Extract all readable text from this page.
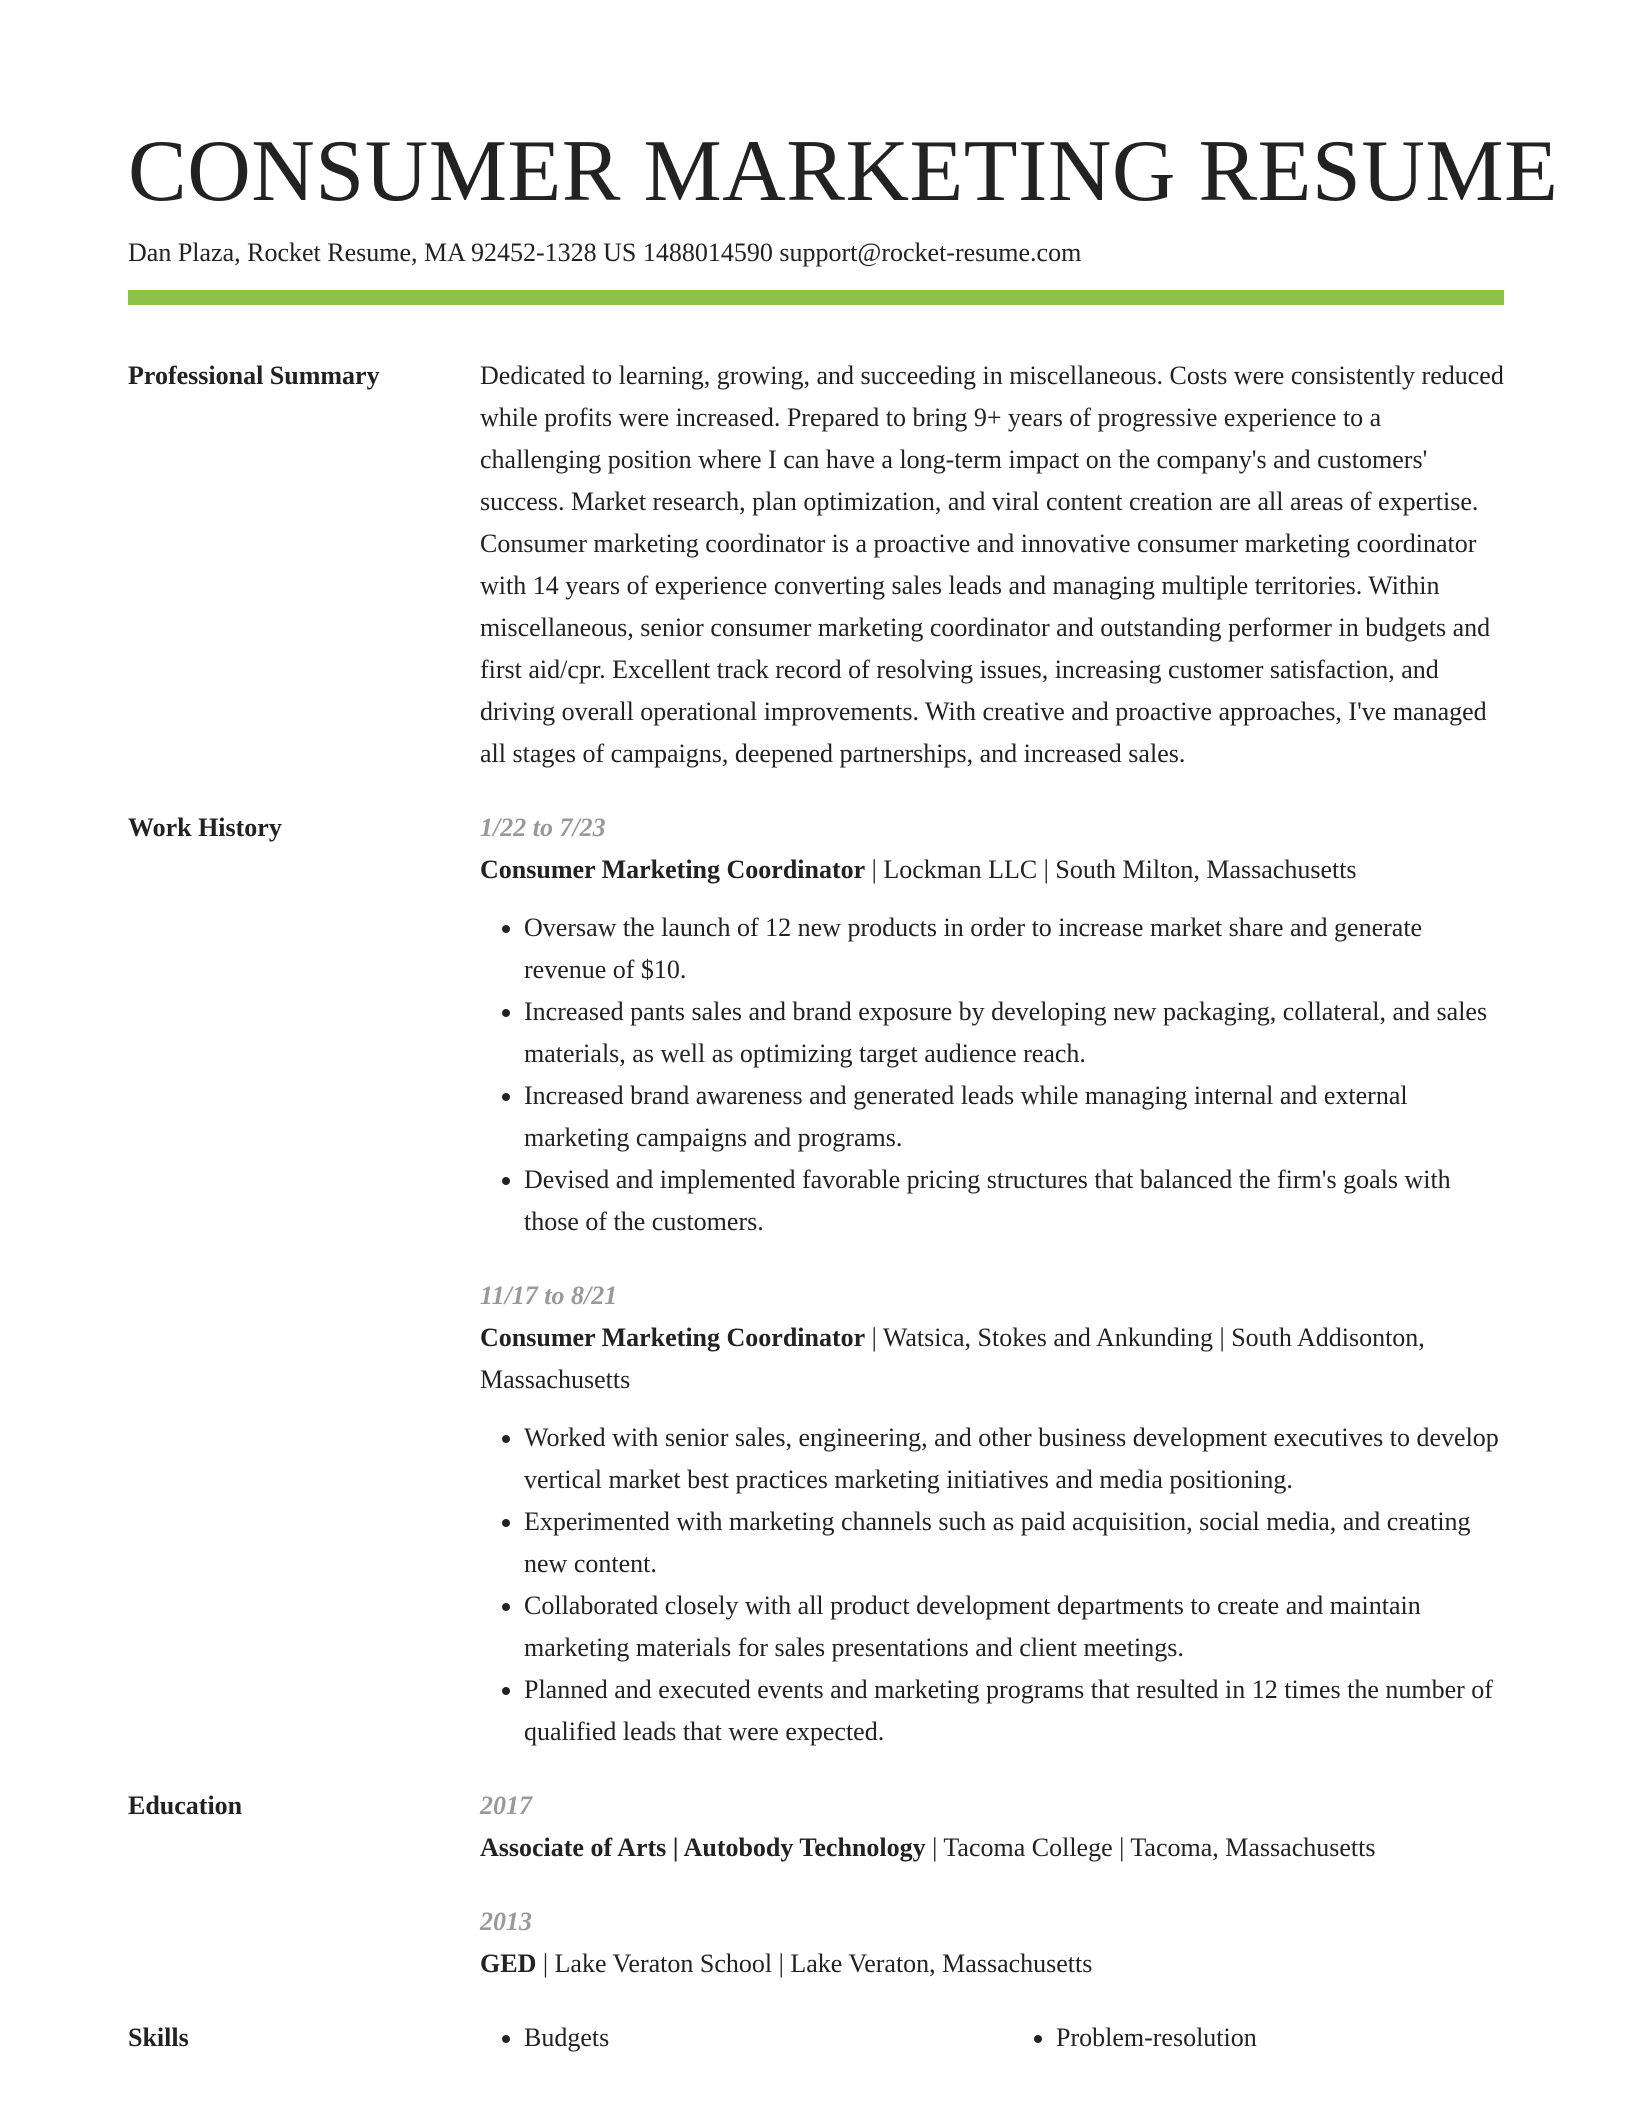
CONSUMER MARKETING RESUME
Dan Plaza, Rocket Resume, MA 92452-1328 US 1488014590 support@rocket-resume.com
Professional Summary	Dedicated to learning, growing, and succeeding in miscellaneous. Costs were consistently reduced while profits were increased. Prepared to bring 9+ years of progressive experience to a challenging position where I can have a long-term impact on the company's and customers' success. Market research, plan optimization, and viral content creation are all areas of expertise. Consumer marketing coordinator is a proactive and innovative consumer marketing coordinator with 14 years of experience converting sales leads and managing multiple territories. Within miscellaneous, senior consumer marketing coordinator and outstanding performer in budgets and first aid/cpr. Excellent track record of resolving issues, increasing customer satisfaction, and driving overall operational improvements. With creative and proactive approaches, I've managed all stages of campaigns, deepened partnerships, and increased sales.
Work History	1/22 to 7/23
Consumer Marketing Coordinator | Lockman LLC | South Milton, Massachusetts
• Oversaw the launch of 12 new products in order to increase market share and generate revenue of $10.
• Increased pants sales and brand exposure by developing new packaging, collateral, and sales materials, as well as optimizing target audience reach.
• Increased brand awareness and generated leads while managing internal and external marketing campaigns and programs.
• Devised and implemented favorable pricing structures that balanced the firm's goals with those of the customers.
11/17 to 8/21
Consumer Marketing Coordinator | Watsica, Stokes and Ankunding | South Addisonton, Massachusetts
• Worked with senior sales, engineering, and other business development executives to develop vertical market best practices marketing initiatives and media positioning.
• Experimented with marketing channels such as paid acquisition, social media, and creating new content.
• Collaborated closely with all product development departments to create and maintain marketing materials for sales presentations and client meetings.
• Planned and executed events and marketing programs that resulted in 12 times the number of qualified leads that were expected.
Education	2017
Associate of Arts | Autobody Technology | Tacoma College | Tacoma, Massachusetts
2013
GED | Lake Veraton School | Lake Veraton, Massachusetts
Skills	• Budgets	• Problem-resolution
